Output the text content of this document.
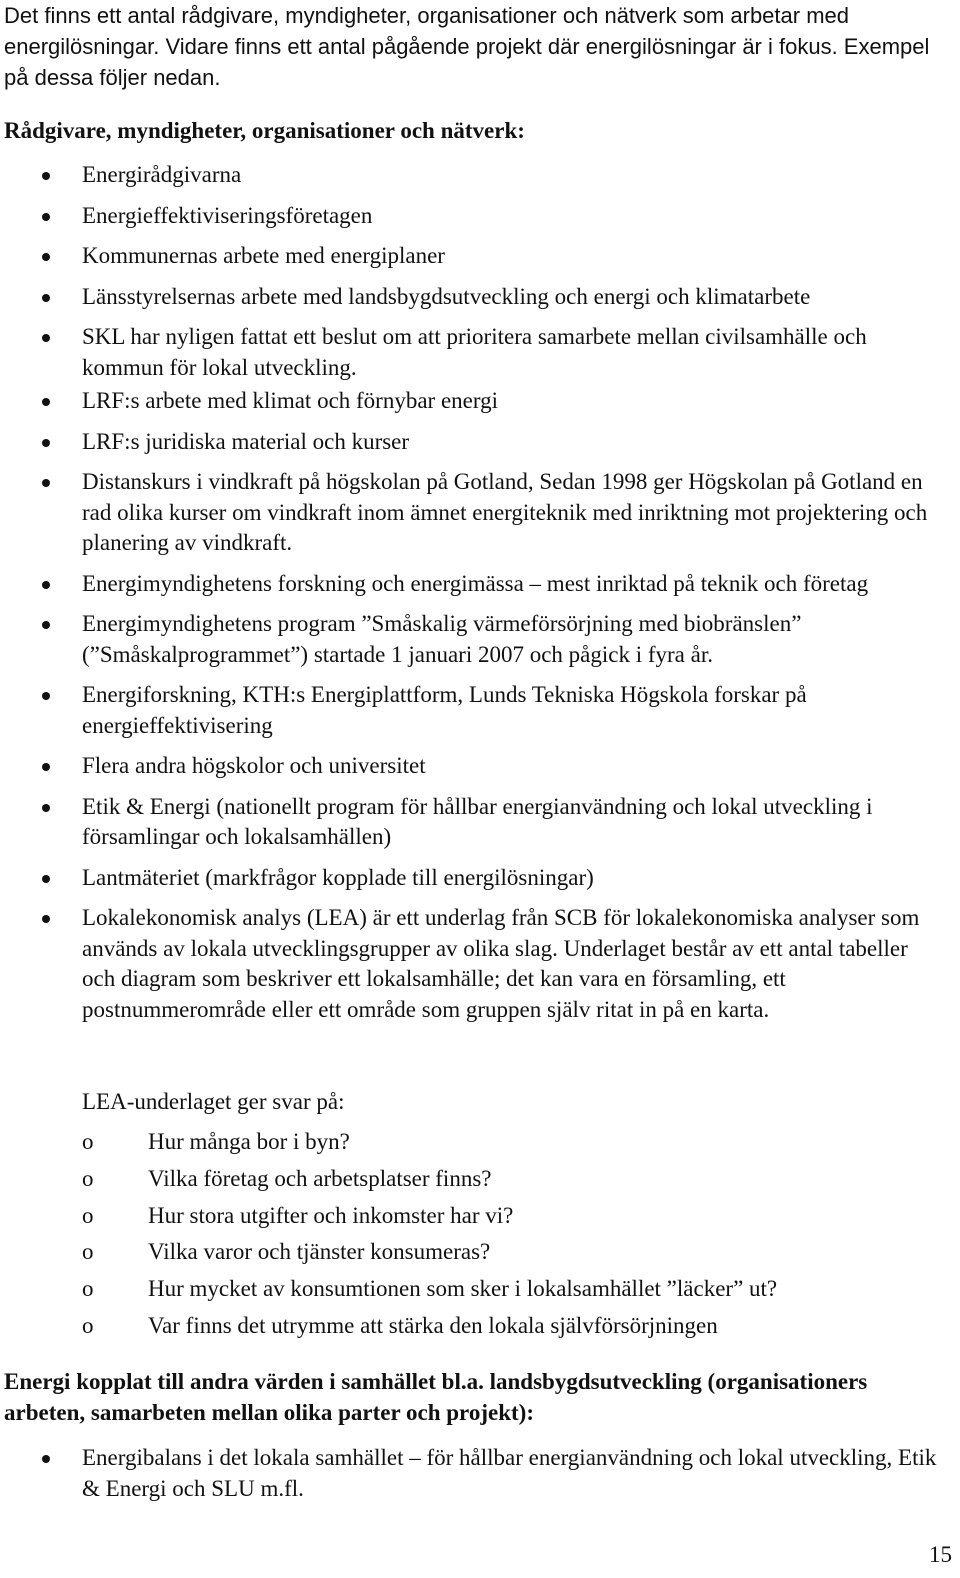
Det finns ett antal rådgivare, myndigheter, organisationer och nätverk som arbetar med energilösningar. Vidare finns ett antal pågående projekt där energilösningar är i fokus. Exempel på dessa följer nedan.

Rådgivare, myndigheter, organisationer och nätverk:
Energirådgivarna
Energieffektiviseringsföretagen
Kommunernas arbete med energiplaner
Länsstyrelsernas arbete med landsbygdsutveckling och energi och klimatarbete
SKL har nyligen fattat ett beslut om att prioritera samarbete mellan civilsamhälle och kommun för lokal utveckling.
LRF:s arbete med klimat och förnybar energi
LRF:s juridiska material och kurser
Distanskurs i vindkraft på högskolan på Gotland, Sedan 1998 ger Högskolan på Gotland en rad olika kurser om vindkraft inom ämnet energiteknik med inriktning mot projektering och planering av vindkraft.
Energimyndighetens forskning och energimässa – mest inriktad på teknik och företag
Energimyndighetens program ”Småskalig värmeförsörjning med biobränslen” (”Småskalprogrammet”) startade 1 januari 2007 och pågick i fyra år.
Energiforskning, KTH:s Energiplattform, Lunds Tekniska Högskola forskar på energieffektivisering
Flera andra högskolor och universitet
Etik & Energi (nationellt program för hållbar energianvändning och lokal utveckling i församlingar och lokalsamhällen)
Lantmäteriet (markfrågor kopplade till energilösningar)
Lokalekonomisk analys (LEA) är ett underlag från SCB för lokalekonomiska analyser som används av lokala utvecklingsgrupper av olika slag. Underlaget består av ett antal tabeller och diagram som beskriver ett lokalsamhälle; det kan vara en församling, ett postnummerområde eller ett område som gruppen själv ritat in på en karta.
LEA-underlaget ger svar på:
o Hur många bor i byn?
o Vilka företag och arbetsplatser finns?
o Hur stora utgifter och inkomster har vi?
o Vilka varor och tjänster konsumeras?
o Hur mycket av konsumtionen som sker i lokalsamhället ”läcker” ut?
o Var finns det utrymme att stärka den lokala självförsörjningen
Energi kopplat till andra värden i samhället bl.a. landsbygdsutveckling (organisationers arbeten, samarbeten mellan olika parter och projekt):
Energibalans i det lokala samhället – för hållbar energianvändning och lokal utveckling, Etik & Energi och SLU m.fl.
15
